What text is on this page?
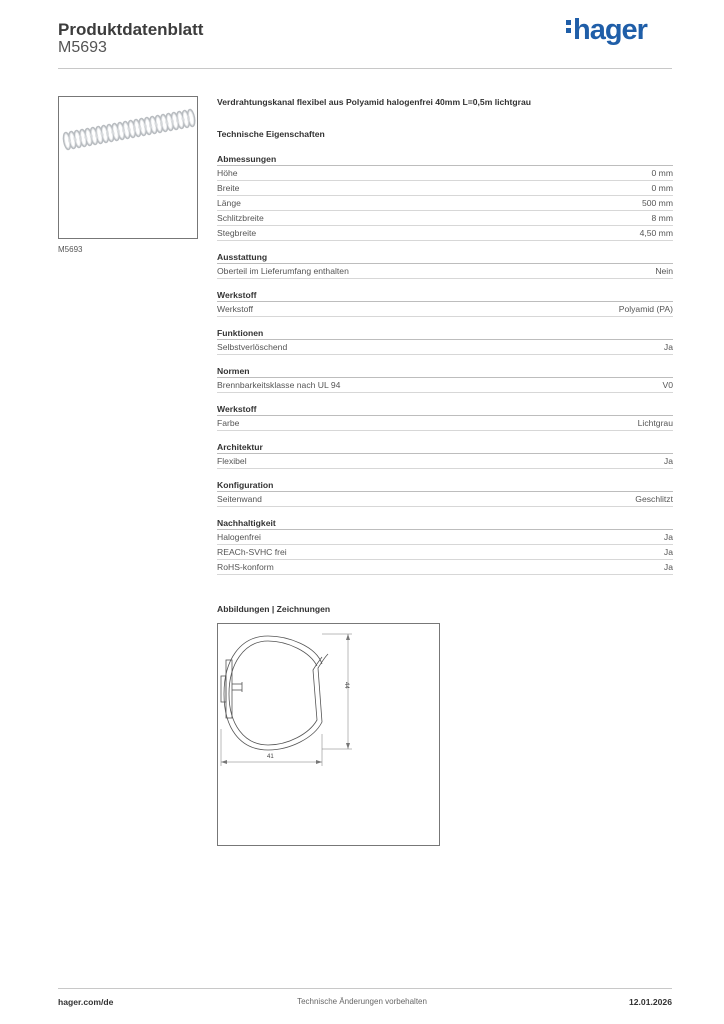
Produktdatenblatt
M5693
hager
M5693
Verdrahtungskanal flexibel aus Polyamid halogenfrei 40mm L=0,5m lichtgrau
Technische Eigenschaften
Abmessungen
Höhe	0 mm
Breite	0 mm
Länge	500 mm
Schlitzbreite	8 mm
Stegbreite	4,50 mm
Ausstattung
Oberteil im Lieferumfang enthalten	Nein
Werkstoff
Werkstoff	Polyamid (PA)
Funktionen
Selbstverlöschend	Ja
Normen
Brennbarkeitsklasse nach UL 94	V0
Werkstoff
Farbe	Lichtgrau
Architektur
Flexibel	Ja
Konfiguration
Seitenwand	Geschlitzt
Nachhaltigkeit
Halogenfrei	Ja
REACh-SVHC frei	Ja
RoHS-konform	Ja
Abbildungen | Zeichnungen
44
41
hager.com/de	Technische Änderungen vorbehalten	12.01.2026
